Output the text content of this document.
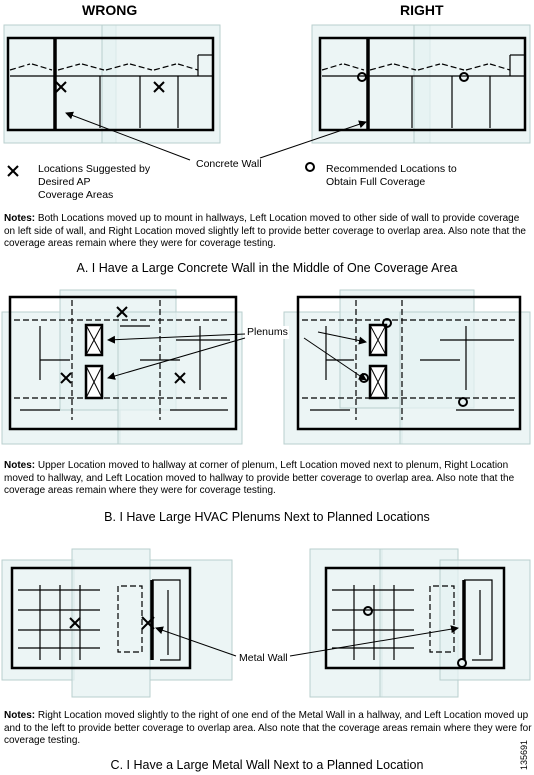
WRONG	RIGHT
Locations Suggested by
Desired AP
Coverage Areas
Concrete Wall	Recommended Locations to
Obtain Full Coverage
Notes: Both Locations moved up to mount in hallways, Left Location moved to other side of wall to provide coverage on left side of wall, and Right Location moved slightly left to provide better coverage to overlap area. Also note that the coverage areas remain where they were for coverage testing.
A. I Have a Large Concrete Wall in the Middle of One Coverage Area
Plenums
Notes: Upper Location moved to hallway at corner of plenum, Left Location moved next to plenum, Right Location moved to hallway, and Left Location moved to hallway to provide better coverage to overlap area. Also note that the coverage areas remain where they were for coverage testing.
B. I Have Large HVAC Plenums Next to Planned Locations
Metal Wall
Notes: Right Location moved slightly to the right of one end of the Metal Wall in a hallway, and Left Location moved up and to the left to provide better coverage to overlap area. Also note that the coverage areas remain where they were for coverage testing.
C. I Have a Large Metal Wall Next to a Planned Location	135691
